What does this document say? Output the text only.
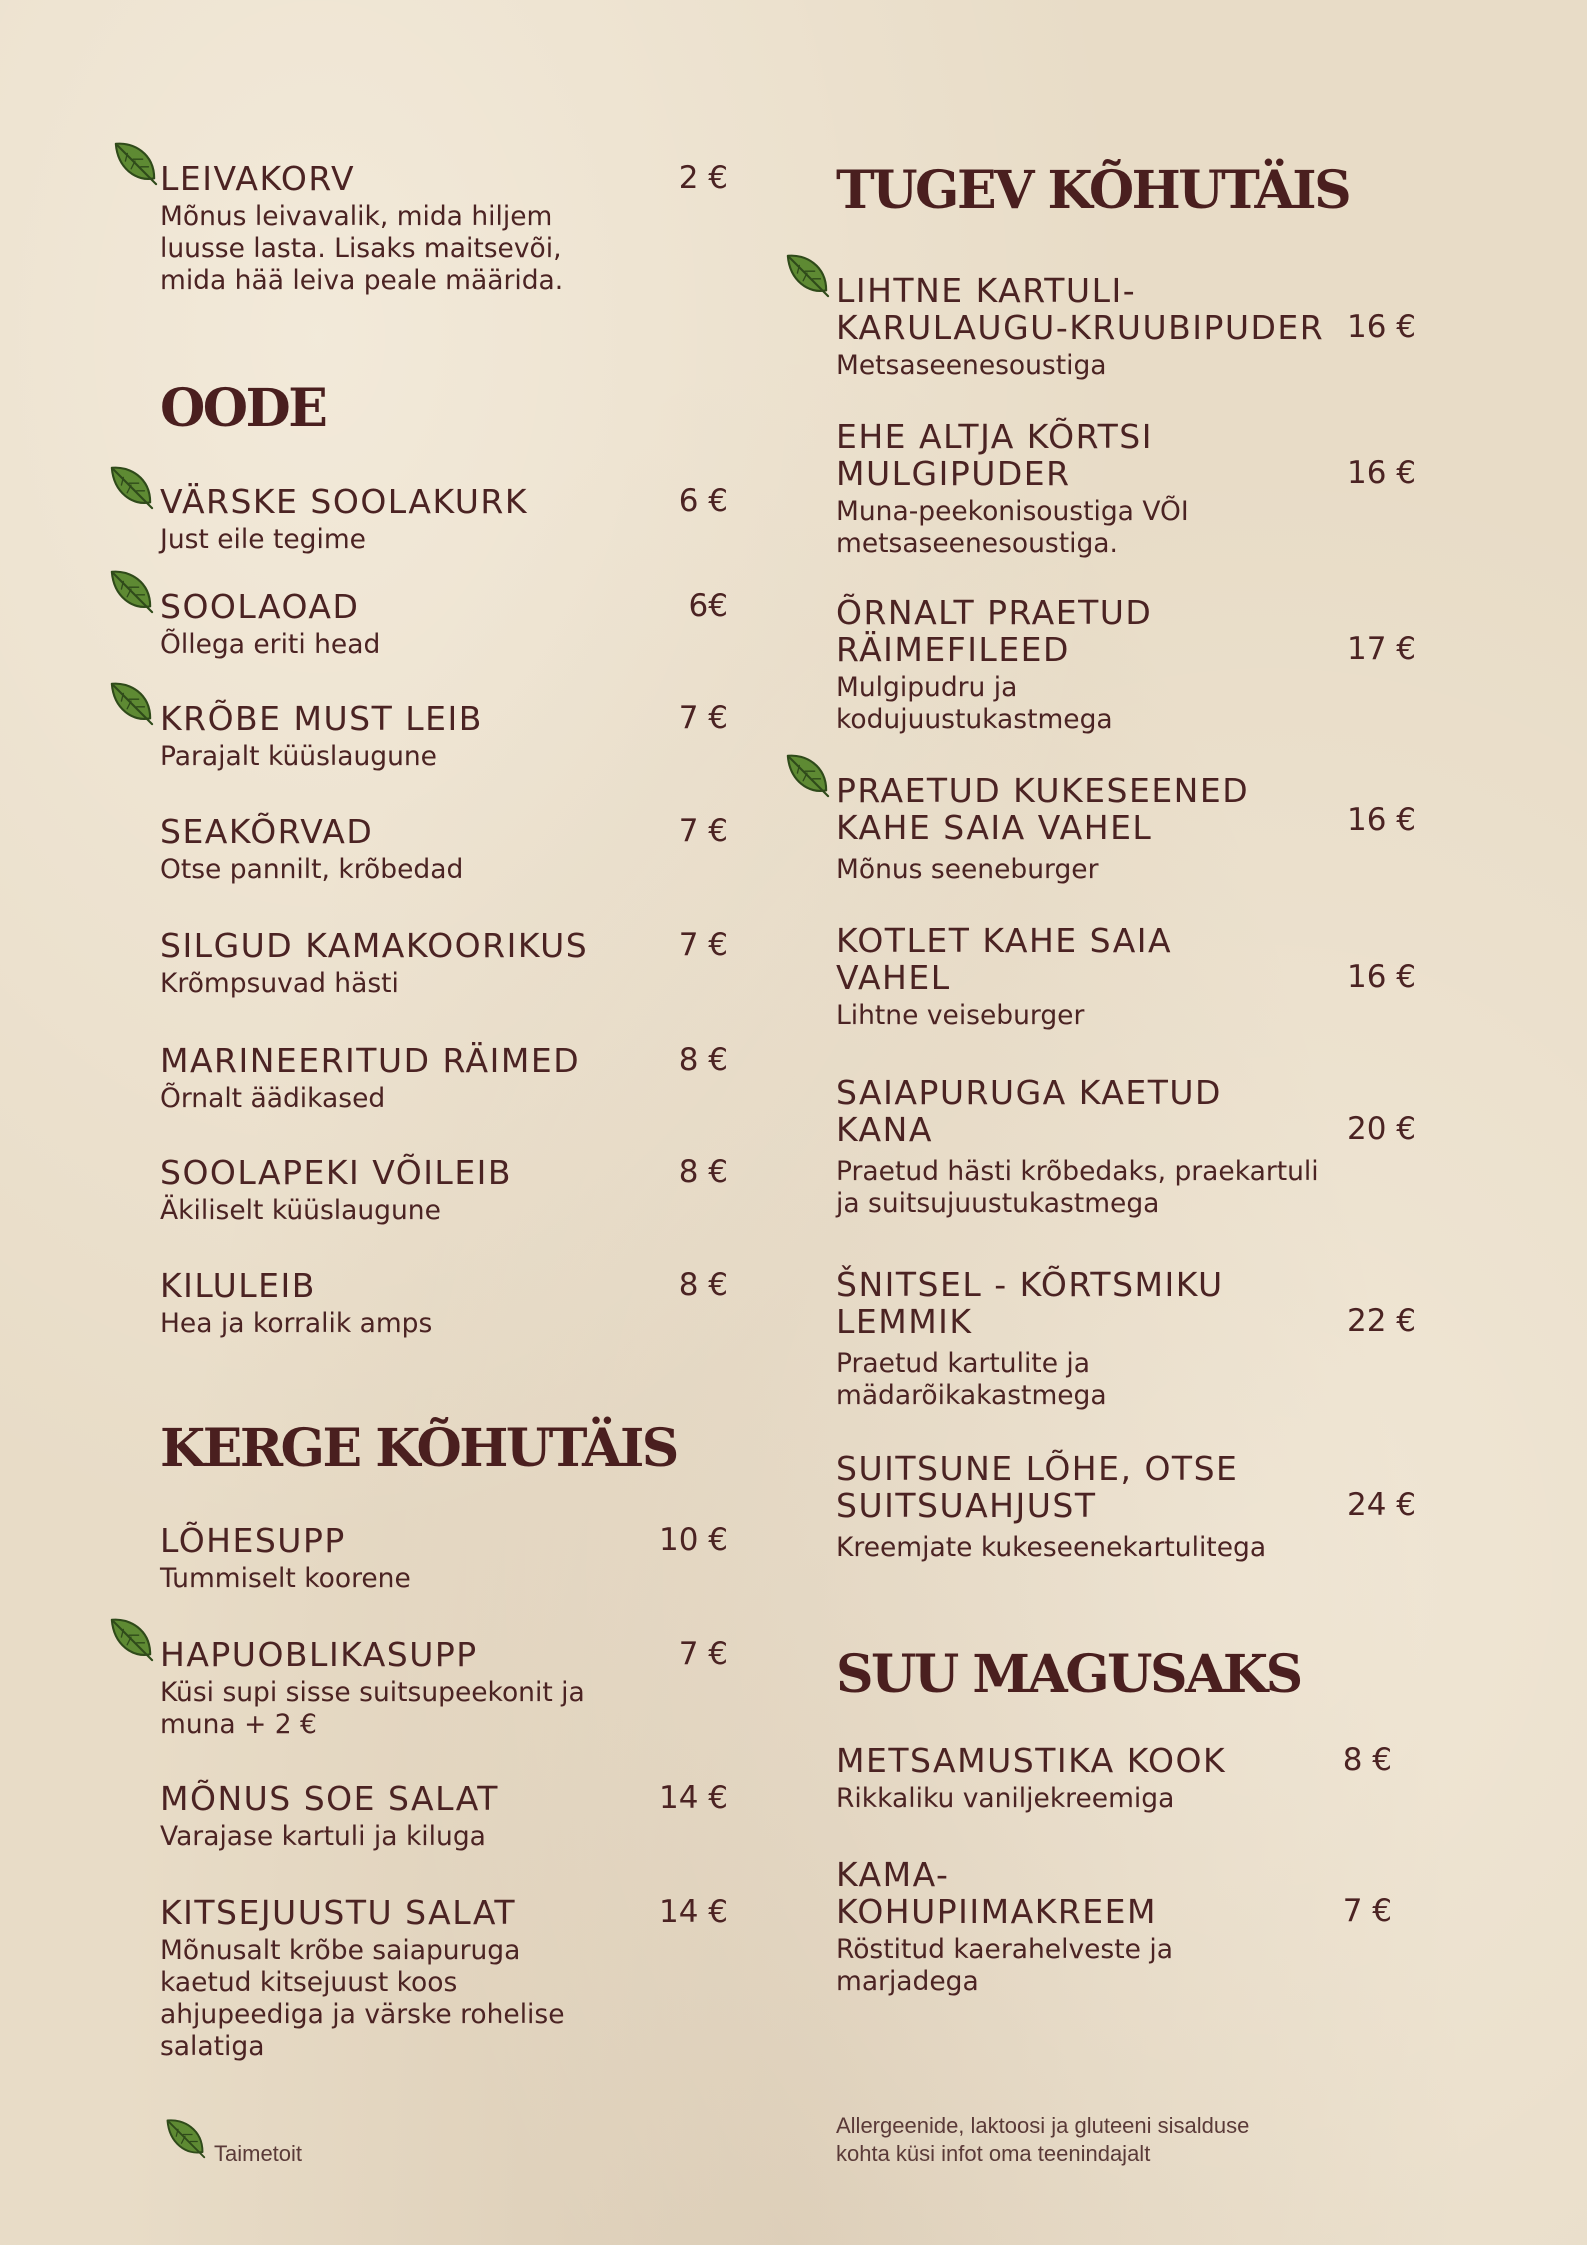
LEIVAKORV
Mõnus leivavalik, mida hiljem
luusse lasta. Lisaks maitsevõi,
mida hää leiva peale määrida.
2 €
OODE
VÄRSKE SOOLAKURK
Just eile tegime
6 €
SOOLAOAD
Õllega eriti head
6€
KRÕBE MUST LEIB
Parajalt küüslaugune
7 €
SEAKÕRVAD
Otse pannilt, krõbedad
7 €
SILGUD KAMAKOORIKUS
Krõmpsuvad hästi
7 €
MARINEERITUD RÄIMED
Õrnalt äädikased
8 €
SOOLAPEKI VÕILEIB
Äkiliselt küüslaugune
8 €
KILULEIB
Hea ja korralik amps
8 €
KERGE KÕHUTÄIS
LÕHESUPP
Tummiselt koorene
10 €
HAPUOBLIKASUPP
Küsi supi sisse suitsupeekonit ja
muna + 2 €
7 €
MÕNUS SOE SALAT
Varajase kartuli ja kiluga
14 €
KITSEJUUSTU SALAT
Mõnusalt krõbe saiapuruga
kaetud kitsejuust koos
ahjupeediga ja värske rohelise
salatiga
14 €
Taimetoit
TUGEV KÕHUTÄIS
LIHTNE KARTULI-
KARULAUGU-KRUUBIPUDER
Metsaseenesoustiga
16 €
EHE ALTJA KÕRTSI
MULGIPUDER
Muna-peekonisoustiga VÕI
metsaseenesoustiga.
16 €
ÕRNALT PRAETUD
RÄIMEFILEED
Mulgipudru ja
kodujuustukastmega
17 €
PRAETUD KUKESEENED
KAHE SAIA VAHEL
Mõnus seeneburger
16 €
KOTLET KAHE SAIA
VAHEL
Lihtne veiseburger
16 €
SAIAPURUGA KAETUD
KANA
Praetud hästi krõbedaks, praekartuli
ja suitsujuustukastmega
20 €
ŠNITSEL - KÕRTSMIKU
LEMMIK
Praetud kartulite ja
mädarõikakastmega
22 €
SUITSUNE LÕHE, OTSE
SUITSUAHJUST
Kreemjate kukeseenekartulitega
24 €
SUU MAGUSAKS
METSAMUSTIKA KOOK
Rikkaliku vaniljekreemiga
8 €
KAMA-
KOHUPIIMAKREEM
Röstitud kaerahelveste ja
marjadega
7 €
Allergeenide, laktoosi ja gluteeni sisalduse
kohta küsi infot oma teenindajalt
